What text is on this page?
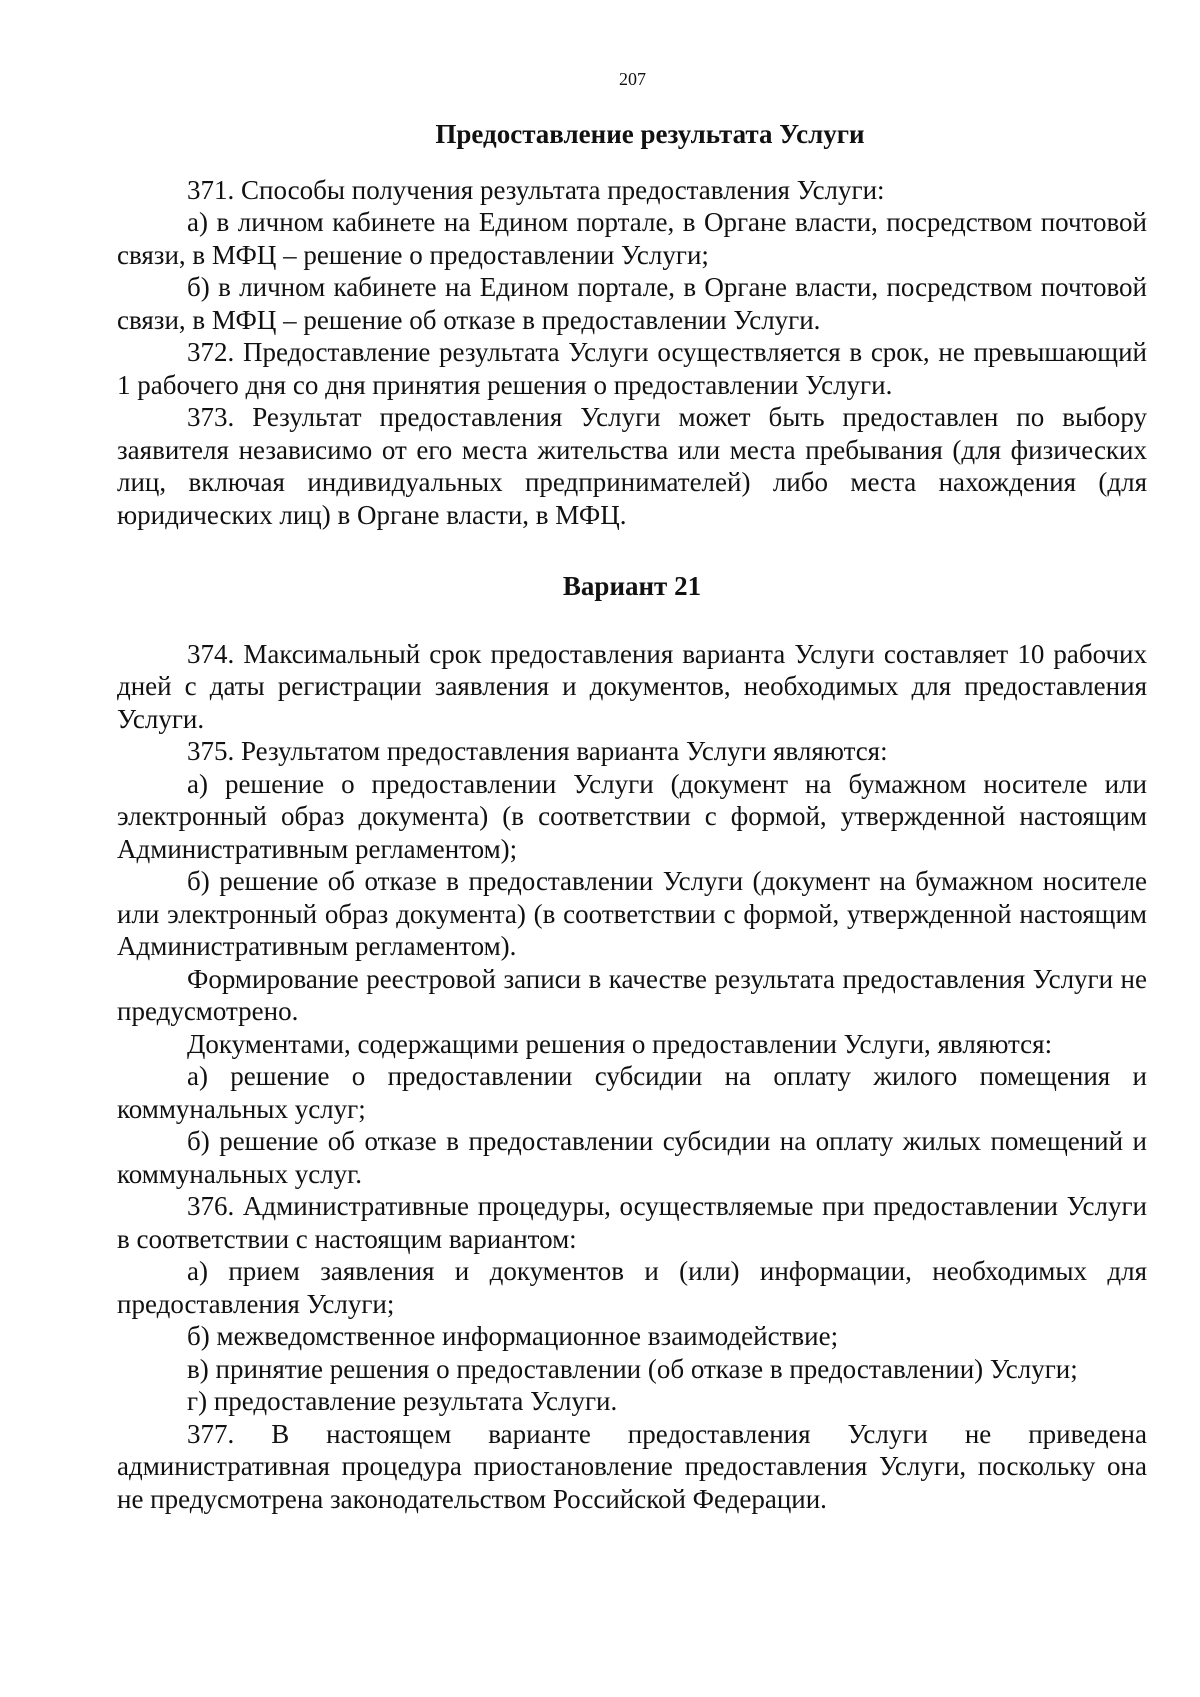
207
Предоставление результата Услуги

371. Способы получения результата предоставления Услуги:

а) в личном кабинете на Едином портале, в Органе власти, посредством почтовой связи, в МФЦ – решение о предоставлении Услуги;

б) в личном кабинете на Едином портале, в Органе власти, посредством почтовой связи, в МФЦ – решение об отказе в предоставлении Услуги.

372. Предоставление результата Услуги осуществляется в срок, не превышающий 1 рабочего дня со дня принятия решения о предоставлении Услуги.

373. Результат предоставления Услуги может быть предоставлен по выбору заявителя независимо от его места жительства или места пребывания (для физических лиц, включая индивидуальных предпринимателей) либо места нахождения (для юридических лиц) в Органе власти, в МФЦ.

Вариант 21

374. Максимальный срок предоставления варианта Услуги составляет 10 рабочих дней с даты регистрации заявления и документов, необходимых для предоставления Услуги.

375. Результатом предоставления варианта Услуги являются:

а) решение о предоставлении Услуги (документ на бумажном носителе или электронный образ документа) (в соответствии с формой, утвержденной настоящим Административным регламентом);

б) решение об отказе в предоставлении Услуги (документ на бумажном носителе или электронный образ документа) (в соответствии с формой, утвержденной настоящим Административным регламентом).

Формирование реестровой записи в качестве результата предоставления Услуги не предусмотрено.

Документами, содержащими решения о предоставлении Услуги, являются:

а) решение о предоставлении субсидии на оплату жилого помещения и коммунальных услуг;

б) решение об отказе в предоставлении субсидии на оплату жилых помещений и коммунальных услуг.

376. Административные процедуры, осуществляемые при предоставлении Услуги в соответствии с настоящим вариантом:

а) прием заявления и документов и (или) информации, необходимых для предоставления Услуги;

б) межведомственное информационное взаимодействие;

в) принятие решения о предоставлении (об отказе в предоставлении) Услуги;

г) предоставление результата Услуги.

377. В настоящем варианте предоставления Услуги не приведена административная процедура приостановление предоставления Услуги, поскольку она не предусмотрена законодательством Российской Федерации.
